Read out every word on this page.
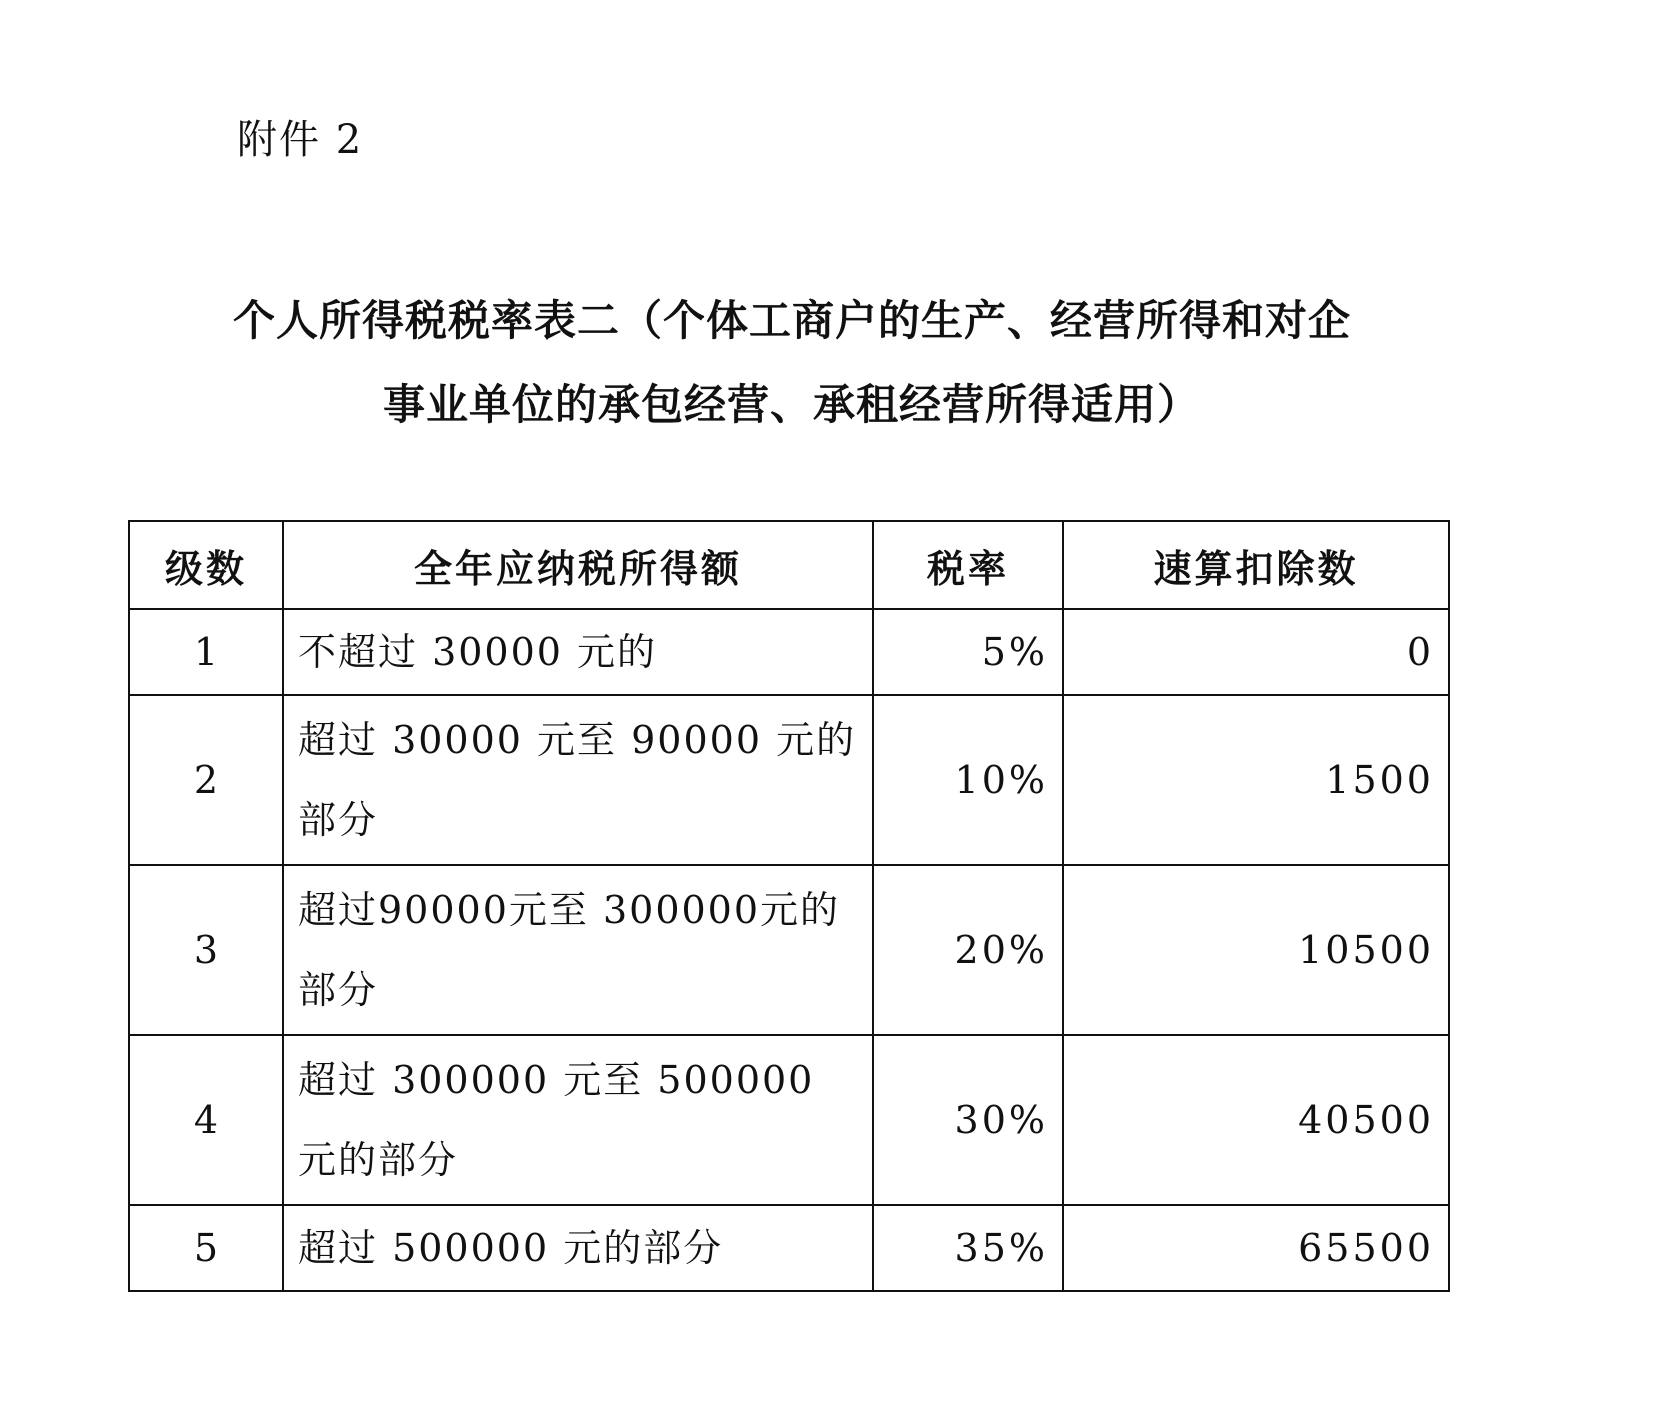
附件 2
个人所得税税率表二（个体工商户的生产、经营所得和对企
事业单位的承包经营、承租经营所得适用）
级数	全年应纳税所得额	税率	速算扣除数
1	不超过 30000 元的	5%	0
2	超过 30000 元至 90000 元的部分	10%	1500
3	超过90000元至 300000元的部分	20%	10500
4	超过 300000 元至 500000 元的部分	30%	40500
5	超过 500000 元的部分	35%	65500
